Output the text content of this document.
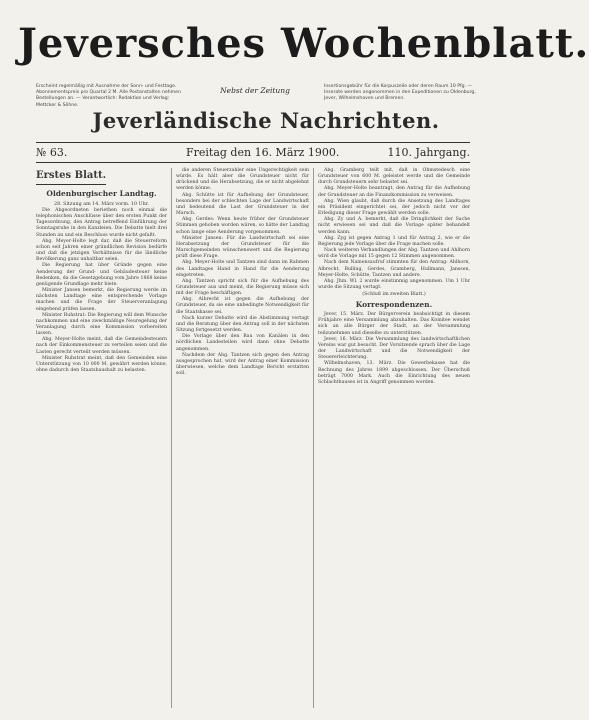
Jeversches Wochenblatt.
Erscheint regelmäßig mit Ausnahme der Sonn- und Festtage. Abonnementspreis pro Quartal 2 M. Alle Postanstalten nehmen Bestellungen an. — Verantwortlich: Redaktion und Verlag: Mettcker & Söhne.
Nebst der Zeitung	Insertionsgebühr für die Korpuszeile oder deren Raum 10 Pfg. — Inserate werden angenommen in den Expeditionen zu Oldenburg, Jever, Wilhelmshaven und Bremen.
Jeverländische Nachrichten.
№ 63.	Freitag den 16. März 1900.	110. Jahrgang.
Erstes Blatt.
Oldenburgischer Landtag.
28. Sitzung am 14. März vorm. 10 Uhr.

Die Abgeordneten beriethen noch einmal die telephonischen Anschlüsse über den ersten Punkt der Tagesordnung, den Antrag betreffend Einführung der Sonntagsruhe in den Kanzleien. Die Debatte hielt drei Stunden an und ein Beschluss wurde nicht gefaßt.

Abg. Meyer-Holte legt dar, daß die Steuerreform schon seit Jahren einer gründlichen Revision bedürfe und daß die jetzigen Verhältnisse für die ländliche Bevölkerung ganz unhaltbar seien.

Die Regierung hat über Gründe gegen eine Aenderung der Grund- und Gebäudesteuer keine Bedenken, da die Gesetzgebung vom Jahre 1868 keine genügende Grundlage mehr biete.

Minister Jansen bemerkt, die Regierung werde im nächsten Landtage eine entsprechende Vorlage machen und die Frage der Steuerveranlagung eingehend prüfen lassen.

Minister Ruhstrat: Die Regierung will dem Wunsche nachkommen und eine zweckmäßige Neuregelung der Veranlagung durch eine Kommission vorbereiten lassen.

Abg. Meyer-Holte meint, daß die Gemeindesteuern nach der Einkommensteuer zu verteilen seien und die Lasten gerecht verteilt werden müssen.

Minister Ruhstrat meint, daß den Gemeinden eine Unterstützung von 10 000 M. gewährt werden könne, ohne dadurch den Staatshaushalt zu belasten.

die anderen Steuerzahler eine Ungerechtigkeit sein würde. Es hält aber die Grundsteuer nicht für drückend und die Herabsetzung, die er nicht abgelehnt werden könne.

Abg. Schütte ist für Aufhebung der Grundsteuer, besonders bei der schlechten Lage der Landwirtschaft und bedeutend die Last der Grundsteuer in der Marsch.

Abg. Gerdes: Wenn heute früher der Grundsteuer Stimmen gehoben worden wären, so hätte der Landtag schon lange eine Aenderung vorgenommen.

Minister Jansen: Für die Landwirtschaft sei eine Herabsetzung der Grundsteuer für die Marschgemeinden wünschenswert und die Regierung prüft diese Frage.

Abg. Meyer-Holte und Tantzen sind dann im Rahmen des Landtages Hand in Hand für die Aenderung eingetreten.

Abg. Tantzen spricht sich für die Aufhebung des Grundsteuer aus und meint, die Regierung müsse sich mit der Frage beschäftigen.

Abg. Albrecht ist gegen die Aufhebung der Grundsteuer, da sie eine unbedingte Notwendigkeit für die Staatskasse sei.

Nach kurzer Debatte wird die Abstimmung vertagt und die Beratung über den Antrag soll in der nächsten Sitzung fortgesetzt werden.

Die Vorlage über den Bau von Kanälen in den nördlichen Landesteilen wird dann ohne Debatte angenommen.

Nachdem der Abg. Tantzen sich gegen den Antrag ausgesprochen hat, wird der Antrag einer Kommission überwiesen, welche dem Landtage Bericht erstatten soll.

Abg. Gramberg teilt mit, daß in Ohmstedesch eine Grundsteuer von 600 M. geleistet werde und die Gemeinde durch Grundsteuern sehr belastet sei.

Abg. Meyer-Holte beantragt, den Antrag für die Aufhebung der Grundsteuer an die Finanzkommission zu verweisen.

Abg. Wien glaubt, daß durch die Ansetzung des Landtages ein Präsident eingerichtet sei, der jedoch nicht vor der Erledigung dieser Frage gewählt werden solle.

Abg. Zy und A. bemerkt, daß die Dringlichkeit der Sache nicht erwiesen sei und daß die Vorlage später behandelt werden kann.

Abg. Zyg ist gegen Antrag 1 und für Antrag 2, wie er die Regierung jede Vorlage über die Frage machen solle.

Nach weiteren Verhandlungen der Abg. Tantzen und Ahlhorn wird die Vorlage mit 15 gegen 12 Stimmen angenommen.

Nach dem Namensaufruf stimmten für den Antrag: Ahlhorn, Albrecht, Bulling, Gerdes, Gramberg, Hullmann, Janssen, Meyer-Holte, Schütte, Tantzen und andere.

Abg. Jhm. Wl. 2 wurde einstimmig angenommen. Um 1 Uhr wurde die Sitzung vertagt.

(Schluß im zweiten Blatt.)
Korrespondenzen.

Jever, 15. März. Der Bürgerverein beabsichtigt in diesem Frühjahre eine Versammlung abzuhalten. Das Komitee wendet sich an alle Bürger der Stadt, an der Versammlung teilzunehmen und dieselbe zu unterstützen.

Jever, 16. März. Die Versammlung des landwirtschaftlichen Vereins war gut besucht. Der Vorsitzende sprach über die Lage der Landwirtschaft und die Notwendigkeit der Steuererleichterung.

Wilhelmshaven, 13. März. Die Gewerbekasse hat die Rechnung des Jahres 1899 abgeschlossen. Der Überschuß beträgt 7000 Mark. Auch die Einrichtung des neuen Schlachthauses ist in Angriff genommen worden.
